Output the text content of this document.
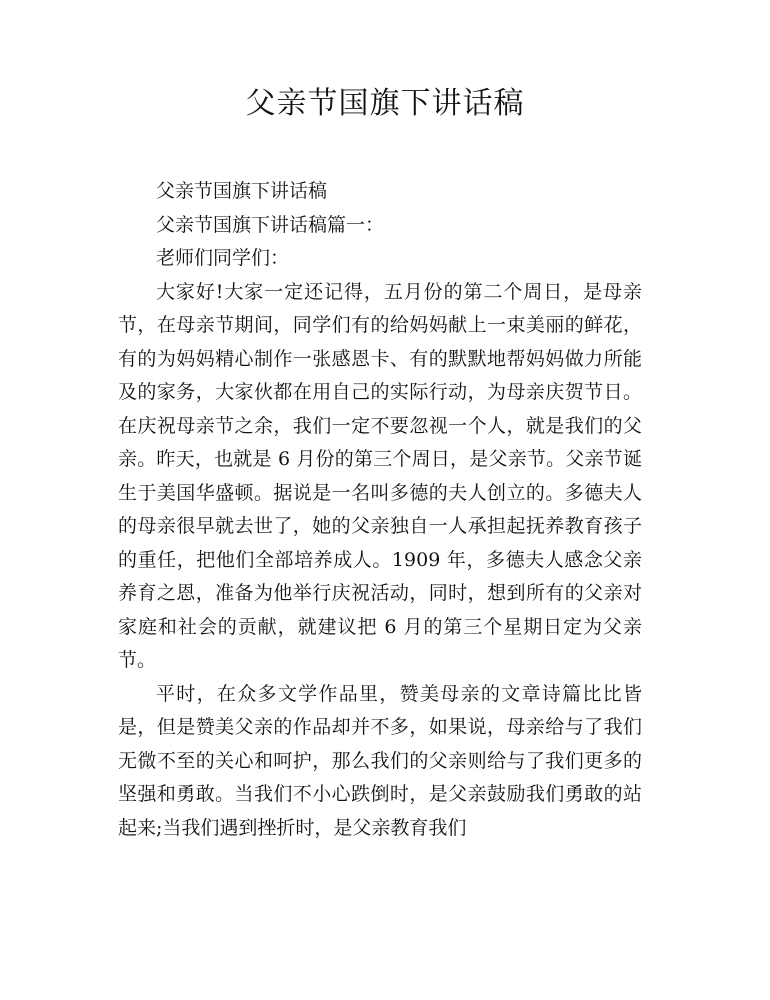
父亲节国旗下讲话稿

父亲节国旗下讲话稿

父亲节国旗下讲话稿篇一：

老师们同学们：

大家好!大家一定还记得，五月份的第二个周日，是母亲节，在母亲节期间，同学们有的给妈妈献上一束美丽的鲜花，有的为妈妈精心制作一张感恩卡、有的默默地帮妈妈做力所能及的家务，大家伙都在用自己的实际行动，为母亲庆贺节日。在庆祝母亲节之余，我们一定不要忽视一个人，就是我们的父亲。昨天，也就是 6 月份的第三个周日，是父亲节。父亲节诞生于美国华盛顿。据说是一名叫多德的夫人创立的。多德夫人的母亲很早就去世了，她的父亲独自一人承担起抚养教育孩子的重任，把他们全部培养成人。1909 年，多德夫人感念父亲养育之恩，准备为他举行庆祝活动，同时，想到所有的父亲对家庭和社会的贡献，就建议把 6 月的第三个星期日定为父亲节。

平时，在众多文学作品里，赞美母亲的文章诗篇比比皆是，但是赞美父亲的作品却并不多，如果说，母亲给与了我们无微不至的关心和呵护，那么我们的父亲则给与了我们更多的坚强和勇敢。当我们不小心跌倒时，是父亲鼓励我们勇敢的站起来;当我们遇到挫折时，是父亲教育我们
